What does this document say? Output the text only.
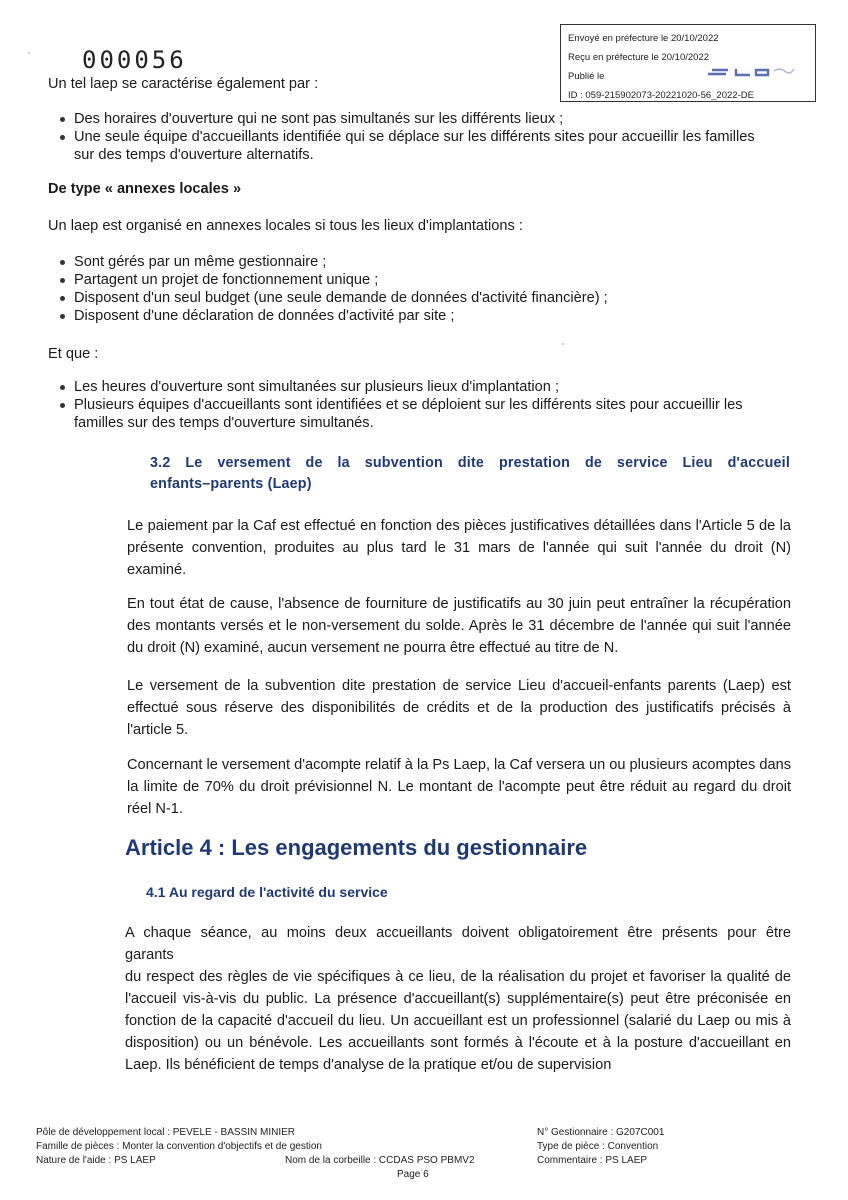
000056
Envoyé en préfecture le 20/10/2022
Reçu en préfecture le 20/10/2022
Publié le
ID : 059-215902073-20221020-56_2022-DE
Un tel laep se caractérise également par :
Des horaires d'ouverture qui ne sont pas simultanés sur les différents lieux ;
Une seule équipe d'accueillants identifiée qui se déplace sur les différents sites pour accueillir les familles
sur des temps d'ouverture alternatifs.
De type « annexes locales »
Un laep est organisé en annexes locales si tous les lieux d'implantations :
Sont gérés par un même gestionnaire ;
Partagent un projet de fonctionnement unique ;
Disposent d'un seul budget (une seule demande de données d'activité financière) ;
Disposent d'une déclaration de données d'activité par site ;
Et que :
Les heures d'ouverture sont simultanées sur plusieurs lieux d'implantation ;
Plusieurs équipes d'accueillants sont identifiées et se déploient sur les différents sites pour accueillir les
familles sur des temps d'ouverture simultanés.
3.2 Le versement de la subvention dite prestation de service Lieu d'accueil
enfants–parents (Laep)
Le paiement par la Caf est effectué en fonction des pièces justificatives détaillées dans l'Article 5 de la présente convention, produites au plus tard le 31 mars de l'année qui suit l'année du droit (N) examiné.
En tout état de cause, l'absence de fourniture de justificatifs au 30 juin peut entraîner la récupération des montants versés et le non-versement du solde. Après le 31 décembre de l'année qui suit l'année du droit (N) examiné, aucun versement ne pourra être effectué au titre de N.
Le versement de la subvention dite prestation de service Lieu d'accueil-enfants parents (Laep) est effectué sous réserve des disponibilités de crédits et de la production des justificatifs précisés à l'article 5.
Concernant le versement d'acompte relatif à la Ps Laep, la Caf versera un ou plusieurs acomptes dans la limite de 70% du droit prévisionnel N. Le montant de l'acompte peut être réduit au regard du droit réel N-1.
Article 4 : Les engagements du gestionnaire
4.1 Au regard de l'activité du service
A chaque séance, au moins deux accueillants doivent obligatoirement être présents pour être
garants
du respect des règles de vie spécifiques à ce lieu, de la réalisation du projet et favoriser la qualité de l'accueil vis-à-vis du public. La présence d'accueillant(s) supplémentaire(s) peut être préconisée en fonction de la capacité d'accueil du lieu. Un accueillant est un professionnel (salarié du Laep ou mis à disposition) ou un bénévole. Les accueillants sont formés à l'écoute et à la posture d'accueillant en Laep. Ils bénéficient de temps d'analyse de la pratique et/ou de supervision
Pôle de développement local : PEVELE - BASSIN MINIER
Famille de pièces : Monter la convention d'objectifs et de gestion
Nature de l'aide : PS LAEP	Nom de la corbeille : CCDAS PSO PBMV2
Page 6
N° Gestionnaire : G207C001
Type de pièce : Convention
Commentaire : PS LAEP
